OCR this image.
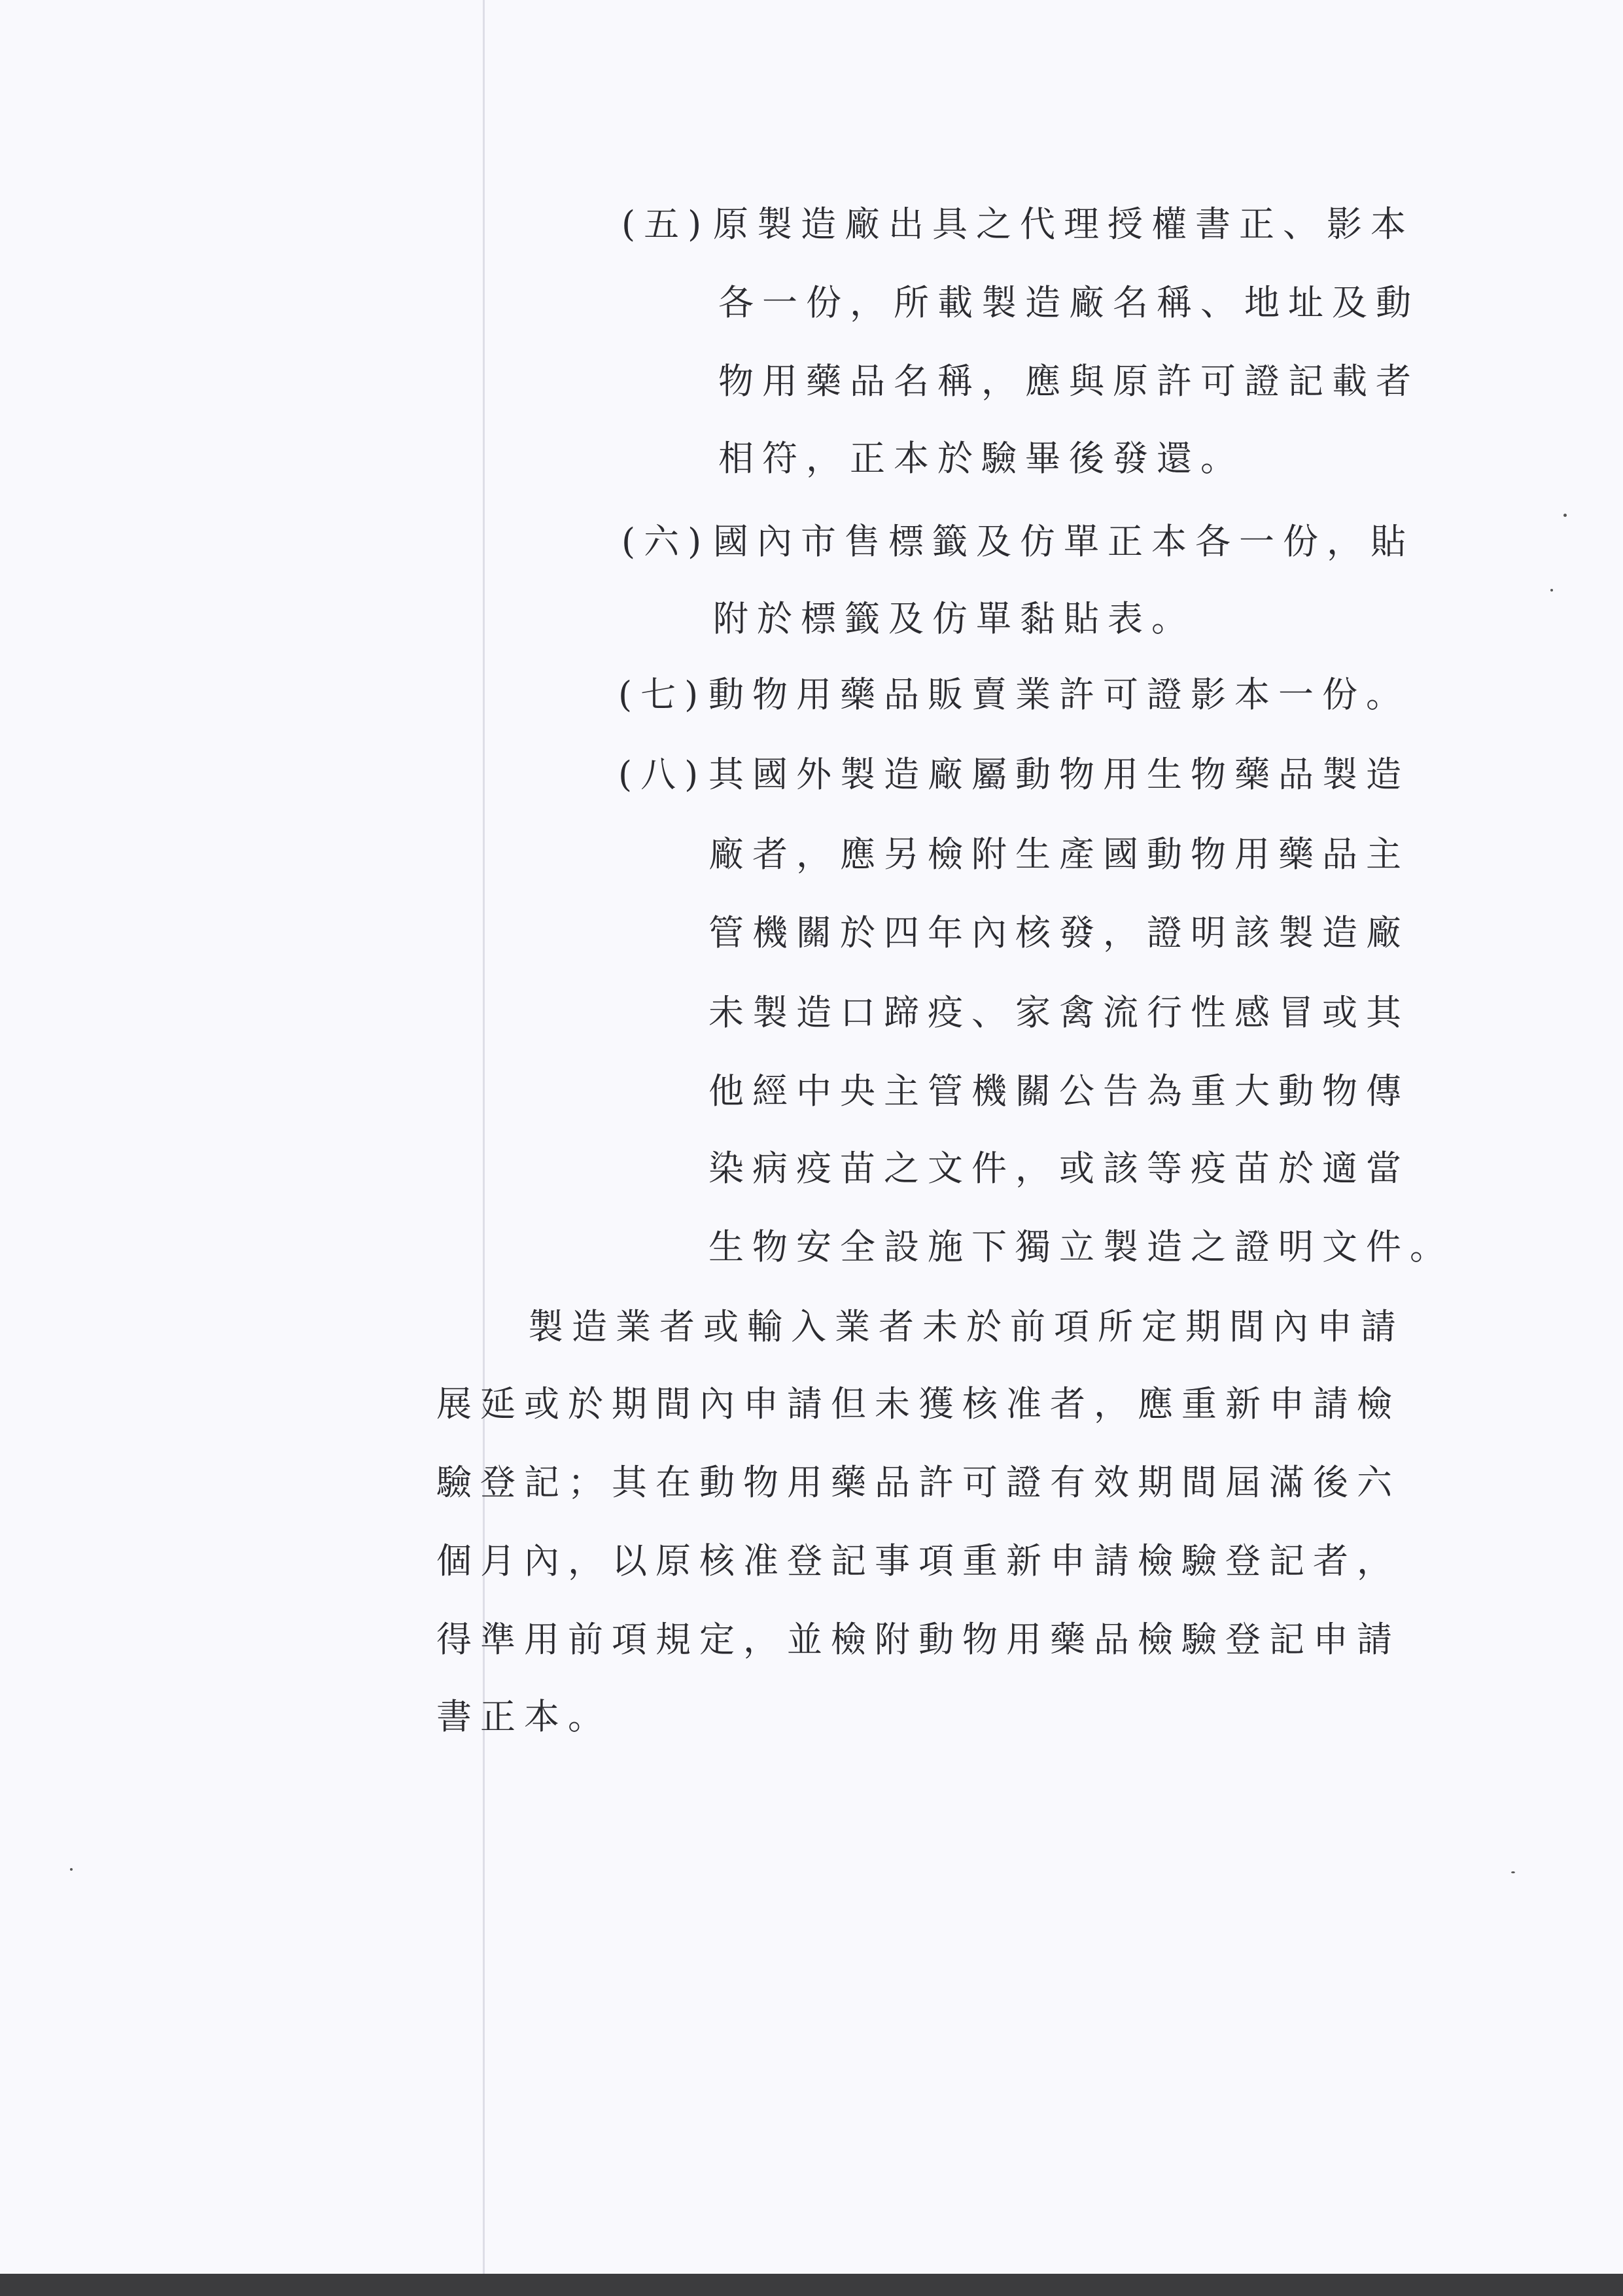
(五) 原製造廠出具之代理授權書正、影本
各一份，所載製造廠名稱、地址及動
物用藥品名稱，應與原許可證記載者
相符，正本於驗畢後發還。
(六) 國內市售標籤及仿單正本各一份，貼
附於標籤及仿單黏貼表。
(七) 動物用藥品販賣業許可證影本一份。
(八) 其國外製造廠屬動物用生物藥品製造
廠者，應另檢附生產國動物用藥品主
管機關於四年內核發，證明該製造廠
未製造口蹄疫、家禽流行性感冒或其
他經中央主管機關公告為重大動物傳
染病疫苗之文件，或該等疫苗於適當
生物安全設施下獨立製造之證明文件。
製造業者或輸入業者未於前項所定期間內申請
展延或於期間內申請但未獲核准者，應重新申請檢
驗登記；其在動物用藥品許可證有效期間屆滿後六
個月內，以原核准登記事項重新申請檢驗登記者，
得準用前項規定，並檢附動物用藥品檢驗登記申請
書正本。
